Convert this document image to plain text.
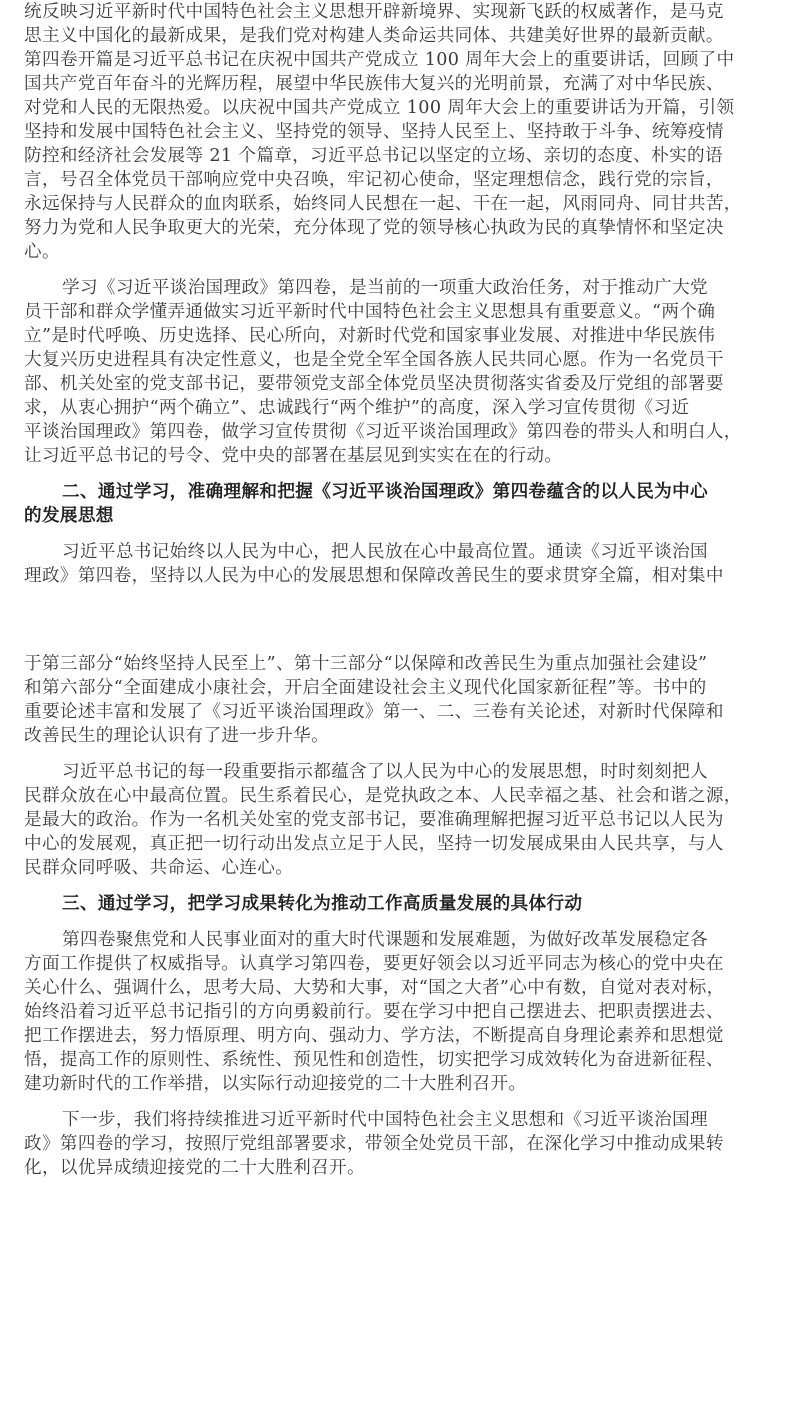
统反映习近平新时代中国特色社会主义思想开辟新境界、实现新飞跃的权威著作，是马克
思主义中国化的最新成果，是我们党对构建人类命运共同体、共建美好世界的最新贡献。
第四卷开篇是习近平总书记在庆祝中国共产党成立 100 周年大会上的重要讲话，回顾了中
国共产党百年奋斗的光辉历程，展望中华民族伟大复兴的光明前景，充满了对中华民族、
对党和人民的无限热爱。以庆祝中国共产党成立 100 周年大会上的重要讲话为开篇，引领
坚持和发展中国特色社会主义、坚持党的领导、坚持人民至上、坚持敢于斗争、统筹疫情
防控和经济社会发展等 21 个篇章，习近平总书记以坚定的立场、亲切的态度、朴实的语
言，号召全体党员干部响应党中央召唤，牢记初心使命，坚定理想信念，践行党的宗旨，
永远保持与人民群众的血肉联系，始终同人民想在一起、干在一起，风雨同舟、同甘共苦，
努力为党和人民争取更大的光荣，充分体现了党的领导核心执政为民的真挚情怀和坚定决
心。
学习《习近平谈治国理政》第四卷，是当前的一项重大政治任务，对于推动广大党
员干部和群众学懂弄通做实习近平新时代中国特色社会主义思想具有重要意义。“两个确
立”是时代呼唤、历史选择、民心所向，对新时代党和国家事业发展、对推进中华民族伟
大复兴历史进程具有决定性意义，也是全党全军全国各族人民共同心愿。作为一名党员干
部、机关处室的党支部书记，要带领党支部全体党员坚决贯彻落实省委及厅党组的部署要
求，从衷心拥护“两个确立”、忠诚践行“两个维护”的高度，深入学习宣传贯彻《习近
平谈治国理政》第四卷，做学习宣传贯彻《习近平谈治国理政》第四卷的带头人和明白人，
让习近平总书记的号令、党中央的部署在基层见到实实在在的行动。
二、通过学习，准确理解和把握《习近平谈治国理政》第四卷蕴含的以人民为中心
的发展思想
习近平总书记始终以人民为中心，把人民放在心中最高位置。通读《习近平谈治国
理政》第四卷，坚持以人民为中心的发展思想和保障改善民生的要求贯穿全篇，相对集中
于第三部分“始终坚持人民至上”、第十三部分“以保障和改善民生为重点加强社会建设”
和第六部分“全面建成小康社会，开启全面建设社会主义现代化国家新征程”等。书中的
重要论述丰富和发展了《习近平谈治国理政》第一、二、三卷有关论述，对新时代保障和
改善民生的理论认识有了进一步升华。
习近平总书记的每一段重要指示都蕴含了以人民为中心的发展思想，时时刻刻把人
民群众放在心中最高位置。民生系着民心，是党执政之本、人民幸福之基、社会和谐之源，
是最大的政治。作为一名机关处室的党支部书记，要准确理解把握习近平总书记以人民为
中心的发展观，真正把一切行动出发点立足于人民，坚持一切发展成果由人民共享，与人
民群众同呼吸、共命运、心连心。
三、通过学习，把学习成果转化为推动工作高质量发展的具体行动
第四卷聚焦党和人民事业面对的重大时代课题和发展难题，为做好改革发展稳定各
方面工作提供了权威指导。认真学习第四卷，要更好领会以习近平同志为核心的党中央在
关心什么、强调什么，思考大局、大势和大事，对“国之大者”心中有数，自觉对表对标，
始终沿着习近平总书记指引的方向勇毅前行。要在学习中把自己摆进去、把职责摆进去、
把工作摆进去，努力悟原理、明方向、强动力、学方法，不断提高自身理论素养和思想觉
悟，提高工作的原则性、系统性、预见性和创造性，切实把学习成效转化为奋进新征程、
建功新时代的工作举措，以实际行动迎接党的二十大胜利召开。
下一步，我们将持续推进习近平新时代中国特色社会主义思想和《习近平谈治国理
政》第四卷的学习，按照厅党组部署要求，带领全处党员干部，在深化学习中推动成果转
化，以优异成绩迎接党的二十大胜利召开。
